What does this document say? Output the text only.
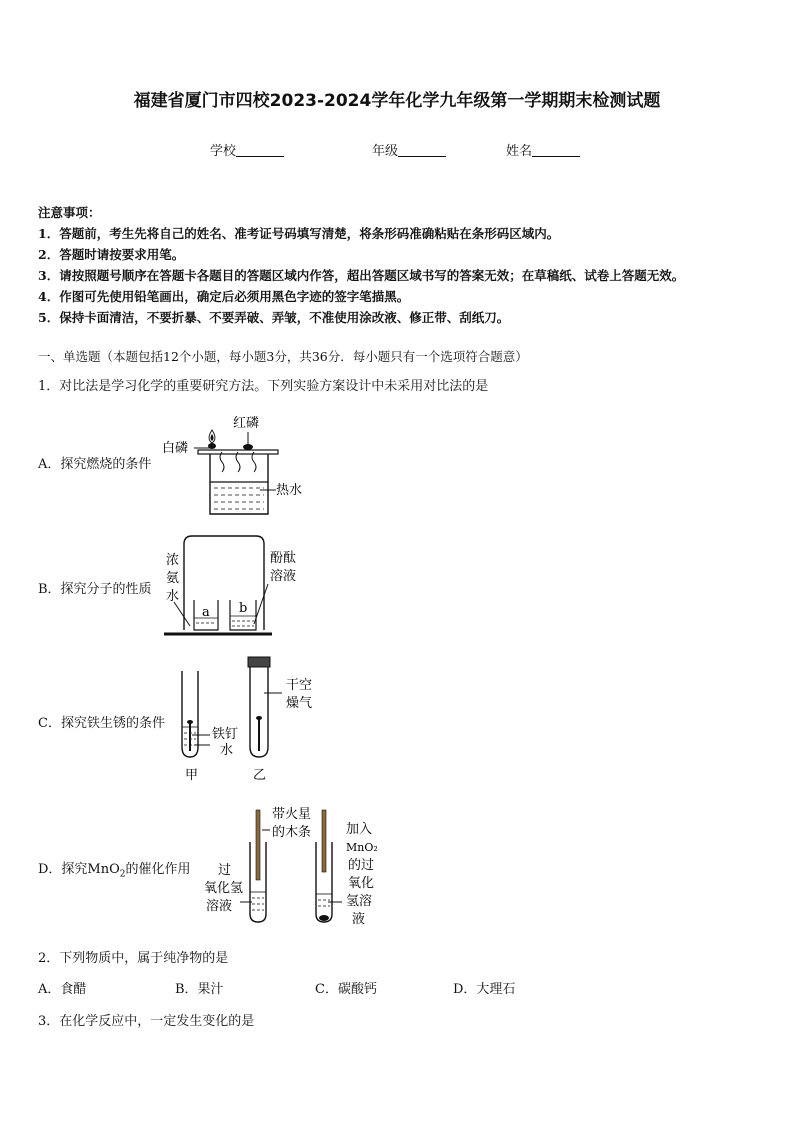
福建省厦门市四校2023-2024学年化学九年级第一学期期末检测试题
学校	年级	姓名
注意事项：
1．答题前，考生先将自己的姓名、准考证号码填写清楚，将条形码准确粘贴在条形码区域内。
2．答题时请按要求用笔。
3．请按照题号顺序在答题卡各题目的答题区域内作答，超出答题区域书写的答案无效；在草稿纸、试卷上答题无效。
4．作图可先使用铅笔画出，确定后必须用黑色字迹的签字笔描黑。
5．保持卡面清洁，不要折暴、不要弄破、弄皱，不准使用涂改液、修正带、刮纸刀。
一、单选题（本题包括12个小题，每小题3分，共36分．每小题只有一个选项符合题意）
1．对比法是学习化学的重要研究方法。下列实验方案设计中未采用对比法的是
A．探究燃烧的条件
红磷
白磷
热水
B．探究分子的性质
浓
氨
水
酚酞
溶液
a b
C．探究铁生锈的条件
甲
铁钉
水
乙
干空
燥气
D．探究MnO$_2$的催化作用
带火星
的木条
过
氧化氢
溶液
加入
MnO₂
的过
氧化
氢溶
液
2．下列物质中，属于纯净物的是
A．食醋	B．果汁	C．碳酸钙	D．大理石
3．在化学反应中，一定发生变化的是
